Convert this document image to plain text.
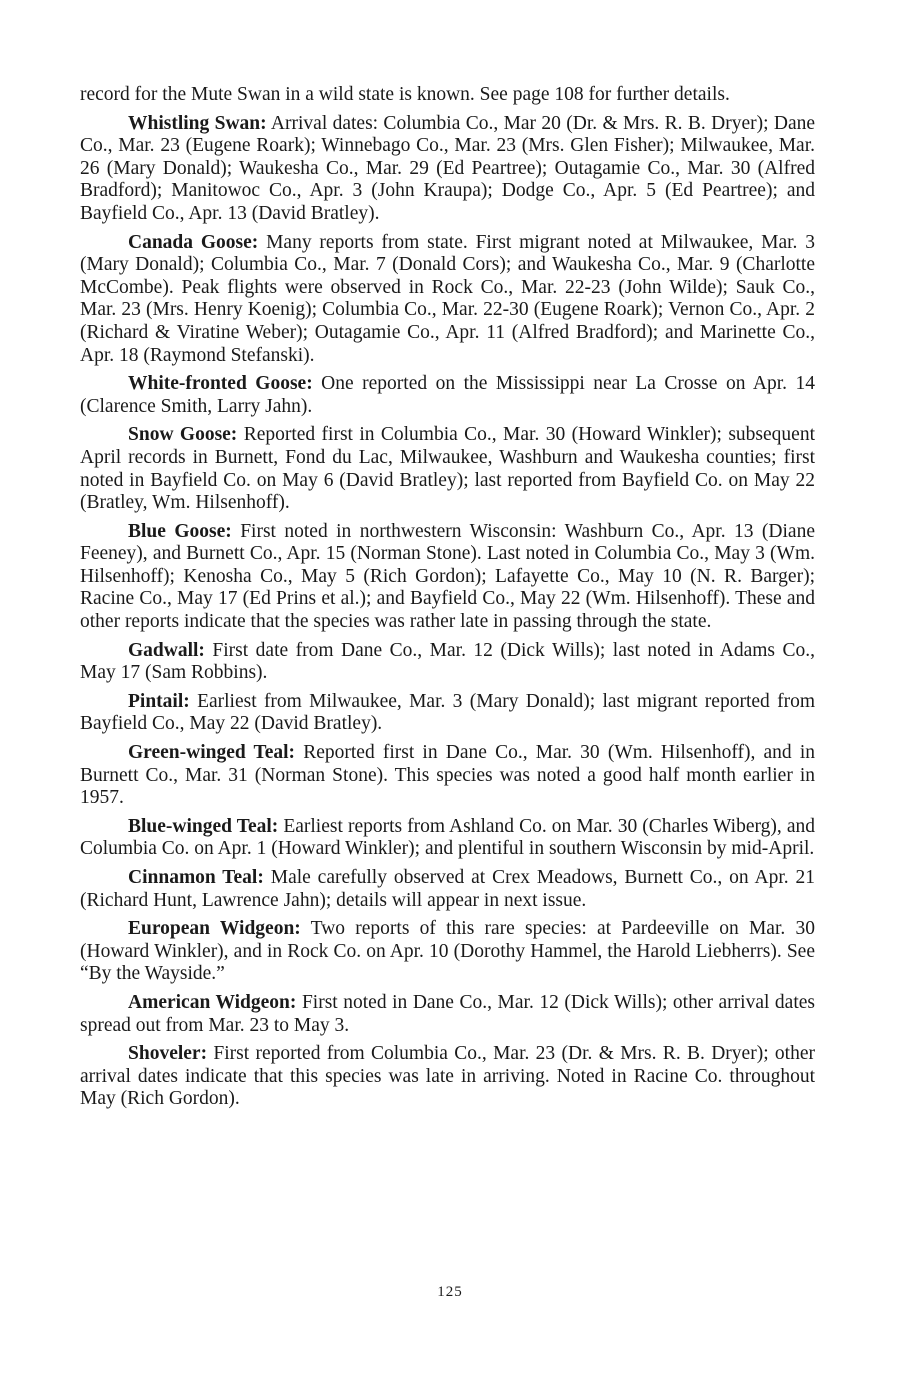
record for the Mute Swan in a wild state is known. See page 108 for further details.

Whistling Swan: Arrival dates: Columbia Co., Mar 20 (Dr. & Mrs. R. B. Dryer); Dane Co., Mar. 23 (Eugene Roark); Winnebago Co., Mar. 23 (Mrs. Glen Fisher); Milwaukee, Mar. 26 (Mary Donald); Waukesha Co., Mar. 29 (Ed Peartree); Outagamie Co., Mar. 30 (Alfred Bradford); Manitowoc Co., Apr. 3 (John Kraupa); Dodge Co., Apr. 5 (Ed Peartree); and Bayfield Co., Apr. 13 (David Bratley).

Canada Goose: Many reports from state. First migrant noted at Milwaukee, Mar. 3 (Mary Donald); Columbia Co., Mar. 7 (Donald Cors); and Waukesha Co., Mar. 9 (Charlotte McCombe). Peak flights were observed in Rock Co., Mar. 22-23 (John Wilde); Sauk Co., Mar. 23 (Mrs. Henry Koenig); Columbia Co., Mar. 22-30 (Eugene Roark); Vernon Co., Apr. 2 (Richard & Viratine Weber); Outagamie Co., Apr. 11 (Alfred Bradford); and Marinette Co., Apr. 18 (Raymond Stefanski).

White-fronted Goose: One reported on the Mississippi near La Crosse on Apr. 14 (Clarence Smith, Larry Jahn).

Snow Goose: Reported first in Columbia Co., Mar. 30 (Howard Winkler); subsequent April records in Burnett, Fond du Lac, Milwaukee, Washburn and Waukesha counties; first noted in Bayfield Co. on May 6 (David Bratley); last reported from Bayfield Co. on May 22 (Bratley, Wm. Hilsenhoff).

Blue Goose: First noted in northwestern Wisconsin: Washburn Co., Apr. 13 (Diane Feeney), and Burnett Co., Apr. 15 (Norman Stone). Last noted in Columbia Co., May 3 (Wm. Hilsenhoff); Kenosha Co., May 5 (Rich Gordon); Lafayette Co., May 10 (N. R. Barger); Racine Co., May 17 (Ed Prins et al.); and Bayfield Co., May 22 (Wm. Hilsenhoff). These and other reports indicate that the species was rather late in passing through the state.

Gadwall: First date from Dane Co., Mar. 12 (Dick Wills); last noted in Adams Co., May 17 (Sam Robbins).

Pintail: Earliest from Milwaukee, Mar. 3 (Mary Donald); last migrant reported from Bayfield Co., May 22 (David Bratley).

Green-winged Teal: Reported first in Dane Co., Mar. 30 (Wm. Hilsenhoff), and in Burnett Co., Mar. 31 (Norman Stone). This species was noted a good half month earlier in 1957.

Blue-winged Teal: Earliest reports from Ashland Co. on Mar. 30 (Charles Wiberg), and Columbia Co. on Apr. 1 (Howard Winkler); and plentiful in southern Wisconsin by mid-April.

Cinnamon Teal: Male carefully observed at Crex Meadows, Burnett Co., on Apr. 21 (Richard Hunt, Lawrence Jahn); details will appear in next issue.

European Widgeon: Two reports of this rare species: at Pardeeville on Mar. 30 (Howard Winkler), and in Rock Co. on Apr. 10 (Dorothy Hammel, the Harold Liebherrs). See “By the Wayside.”

American Widgeon: First noted in Dane Co., Mar. 12 (Dick Wills); other arrival dates spread out from Mar. 23 to May 3.

Shoveler: First reported from Columbia Co., Mar. 23 (Dr. & Mrs. R. B. Dryer); other arrival dates indicate that this species was late in arriving. Noted in Racine Co. throughout May (Rich Gordon).

125
